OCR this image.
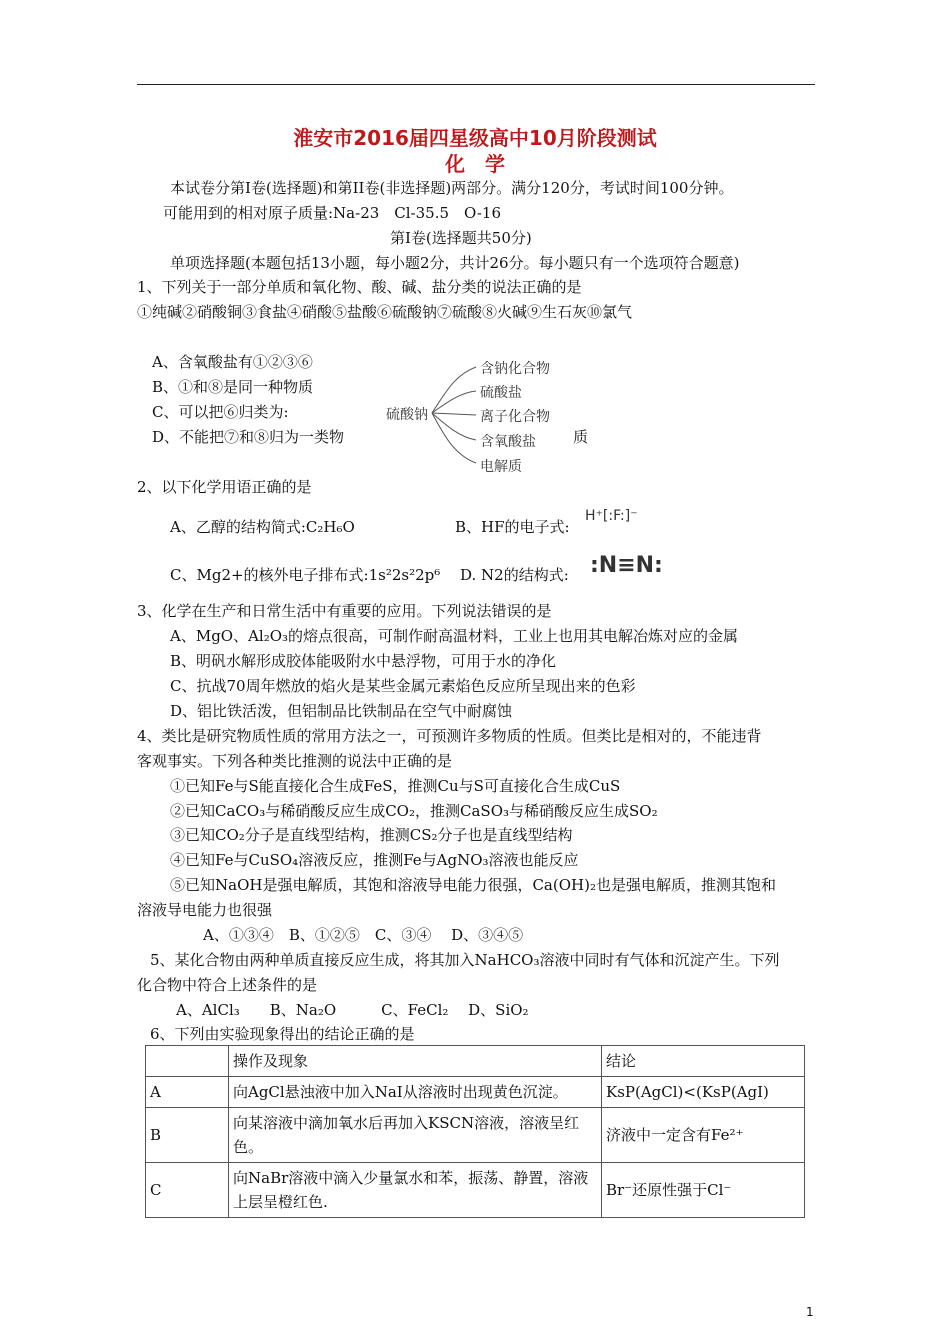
淮安市2016届四星级高中10月阶段测试
化　学
本试卷分第Ⅰ卷(选择题)和第II卷(非选择题)两部分。满分120分，考试时间100分钟。
可能用到的相对原子质量:Na-23　Cl-35.5　O-16
第Ⅰ卷(选择题共50分)
单项选择题(本题包括13小题，每小题2分，共计26分。每小题只有一个选项符合题意)
1、下列关于一部分单质和氧化物、酸、碱、盐分类的说法正确的是
①纯碱②硝酸铜③食盐④硝酸⑤盐酸⑥硫酸钠⑦硫酸⑧火碱⑨生石灰⑩氯气
A、含氧酸盐有①②③⑥
B、①和⑧是同一种物质
C、可以把⑥归类为:
D、不能把⑦和⑧归为一类物	质
硫酸钠
含钠化合物
硫酸盐
离子化合物
含氧酸盐
电解质
2、以下化学用语正确的是
A、乙醇的结构简式:C₂H₆O	B、HF的电子式:
H⁺[:F:]⁻
C、Mg2+的核外电子排布式:1s²2s²2p⁶ D. N2的结构式: :N≡N:
3、化学在生产和日常生活中有重要的应用。下列说法错误的是
A、MgO、Al₂O₃的熔点很高，可制作耐高温材料，工业上也用其电解冶炼对应的金属
B、明矾水解形成胶体能吸附水中悬浮物，可用于水的净化
C、抗战70周年燃放的焰火是某些金属元素焰色反应所呈现出来的色彩
D、铝比铁活泼，但铝制品比铁制品在空气中耐腐蚀
4、类比是研究物质性质的常用方法之一，可预测许多物质的性质。但类比是相对的，不能违背
客观事实。下列各种类比推测的说法中正确的是
①已知Fe与S能直接化合生成FeS，推测Cu与S可直接化合生成CuS
②已知CaCO₃与稀硝酸反应生成CO₂，推测CaSO₃与稀硝酸反应生成SO₂
③已知CO₂分子是直线型结构，推测CS₂分子也是直线型结构
④已知Fe与CuSO₄溶液反应，推测Fe与AgNO₃溶液也能反应
⑤已知NaOH是强电解质，其饱和溶液导电能力很强，Ca(OH)₂也是强电解质，推测其饱和
溶液导电能力也很强
A、①③④　B、①②⑤　C、③④　 D、③④⑤
5、某化合物由两种单质直接反应生成，将其加入NaHCO₃溶液中同时有气体和沉淀产生。下列
化合物中符合上述条件的是
A、AlCl₃　　B、Na₂O　　　C、FeCl₂　 D、SiO₂
6、下列由实验现象得出的结论正确的是
	操作及现象	结论
A	向AgCl悬浊液中加入NaI从溶液时出现黄色沉淀。	KsP(AgCl)<(KsP(AgI)
B	向某溶液中滴加氧水后再加入KSCN溶液，溶液呈红色。	济液中一定含有Fe²⁺
C	向NaBr溶液中滴入少量氯水和苯，振荡、静置，溶液上层呈橙红色.	Br⁻还原性强于Cl⁻
1
